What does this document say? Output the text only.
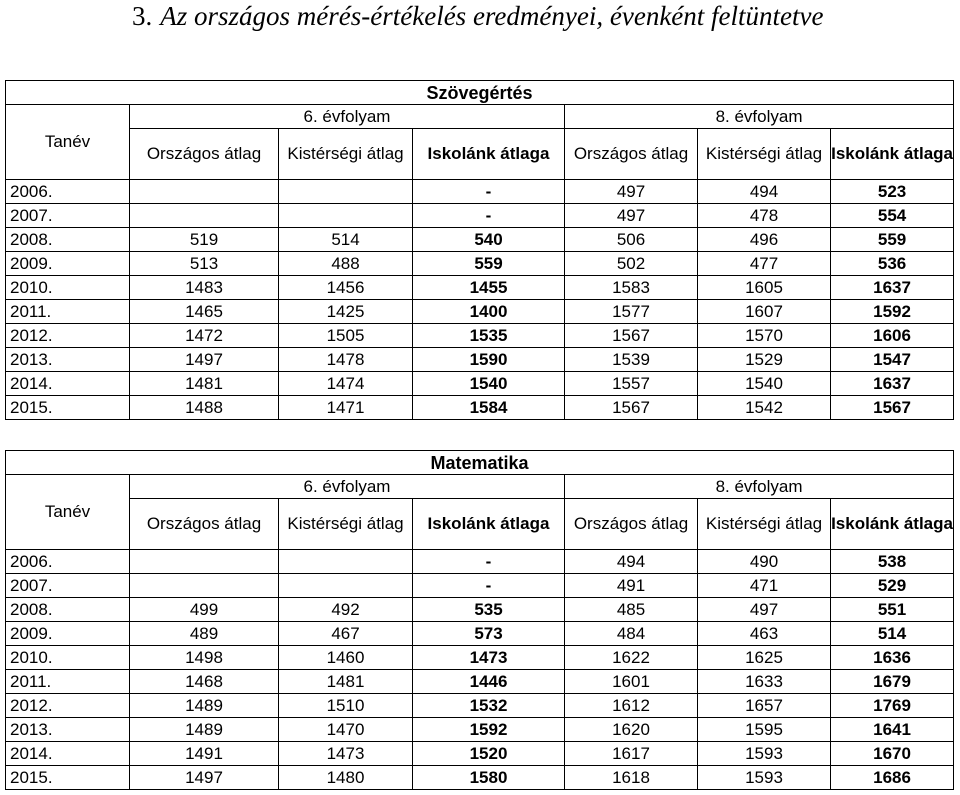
3. Az országos mérés-értékelés eredményei, évenként feltüntetve
Szövegértés						
Tanév	6. évfolyam			8. évfolyam		
	Országos átlag	Kistérségi átlag	Iskolánk átlaga	Országos átlag	Kistérségi átlag	Iskolánk átlaga
2006.			-	497	494	523
2007.			-	497	478	554
2008.	519	514	540	506	496	559
2009.	513	488	559	502	477	536
2010.	1483	1456	1455	1583	1605	1637
2011.	1465	1425	1400	1577	1607	1592
2012.	1472	1505	1535	1567	1570	1606
2013.	1497	1478	1590	1539	1529	1547
2014.	1481	1474	1540	1557	1540	1637
2015.	1488	1471	1584	1567	1542	1567
Matematika						
Tanév	6. évfolyam			8. évfolyam		
	Országos átlag	Kistérségi átlag	Iskolánk átlaga	Országos átlag	Kistérségi átlag	Iskolánk átlaga
2006.			-	494	490	538
2007.			-	491	471	529
2008.	499	492	535	485	497	551
2009.	489	467	573	484	463	514
2010.	1498	1460	1473	1622	1625	1636
2011.	1468	1481	1446	1601	1633	1679
2012.	1489	1510	1532	1612	1657	1769
2013.	1489	1470	1592	1620	1595	1641
2014.	1491	1473	1520	1617	1593	1670
2015.	1497	1480	1580	1618	1593	1686
